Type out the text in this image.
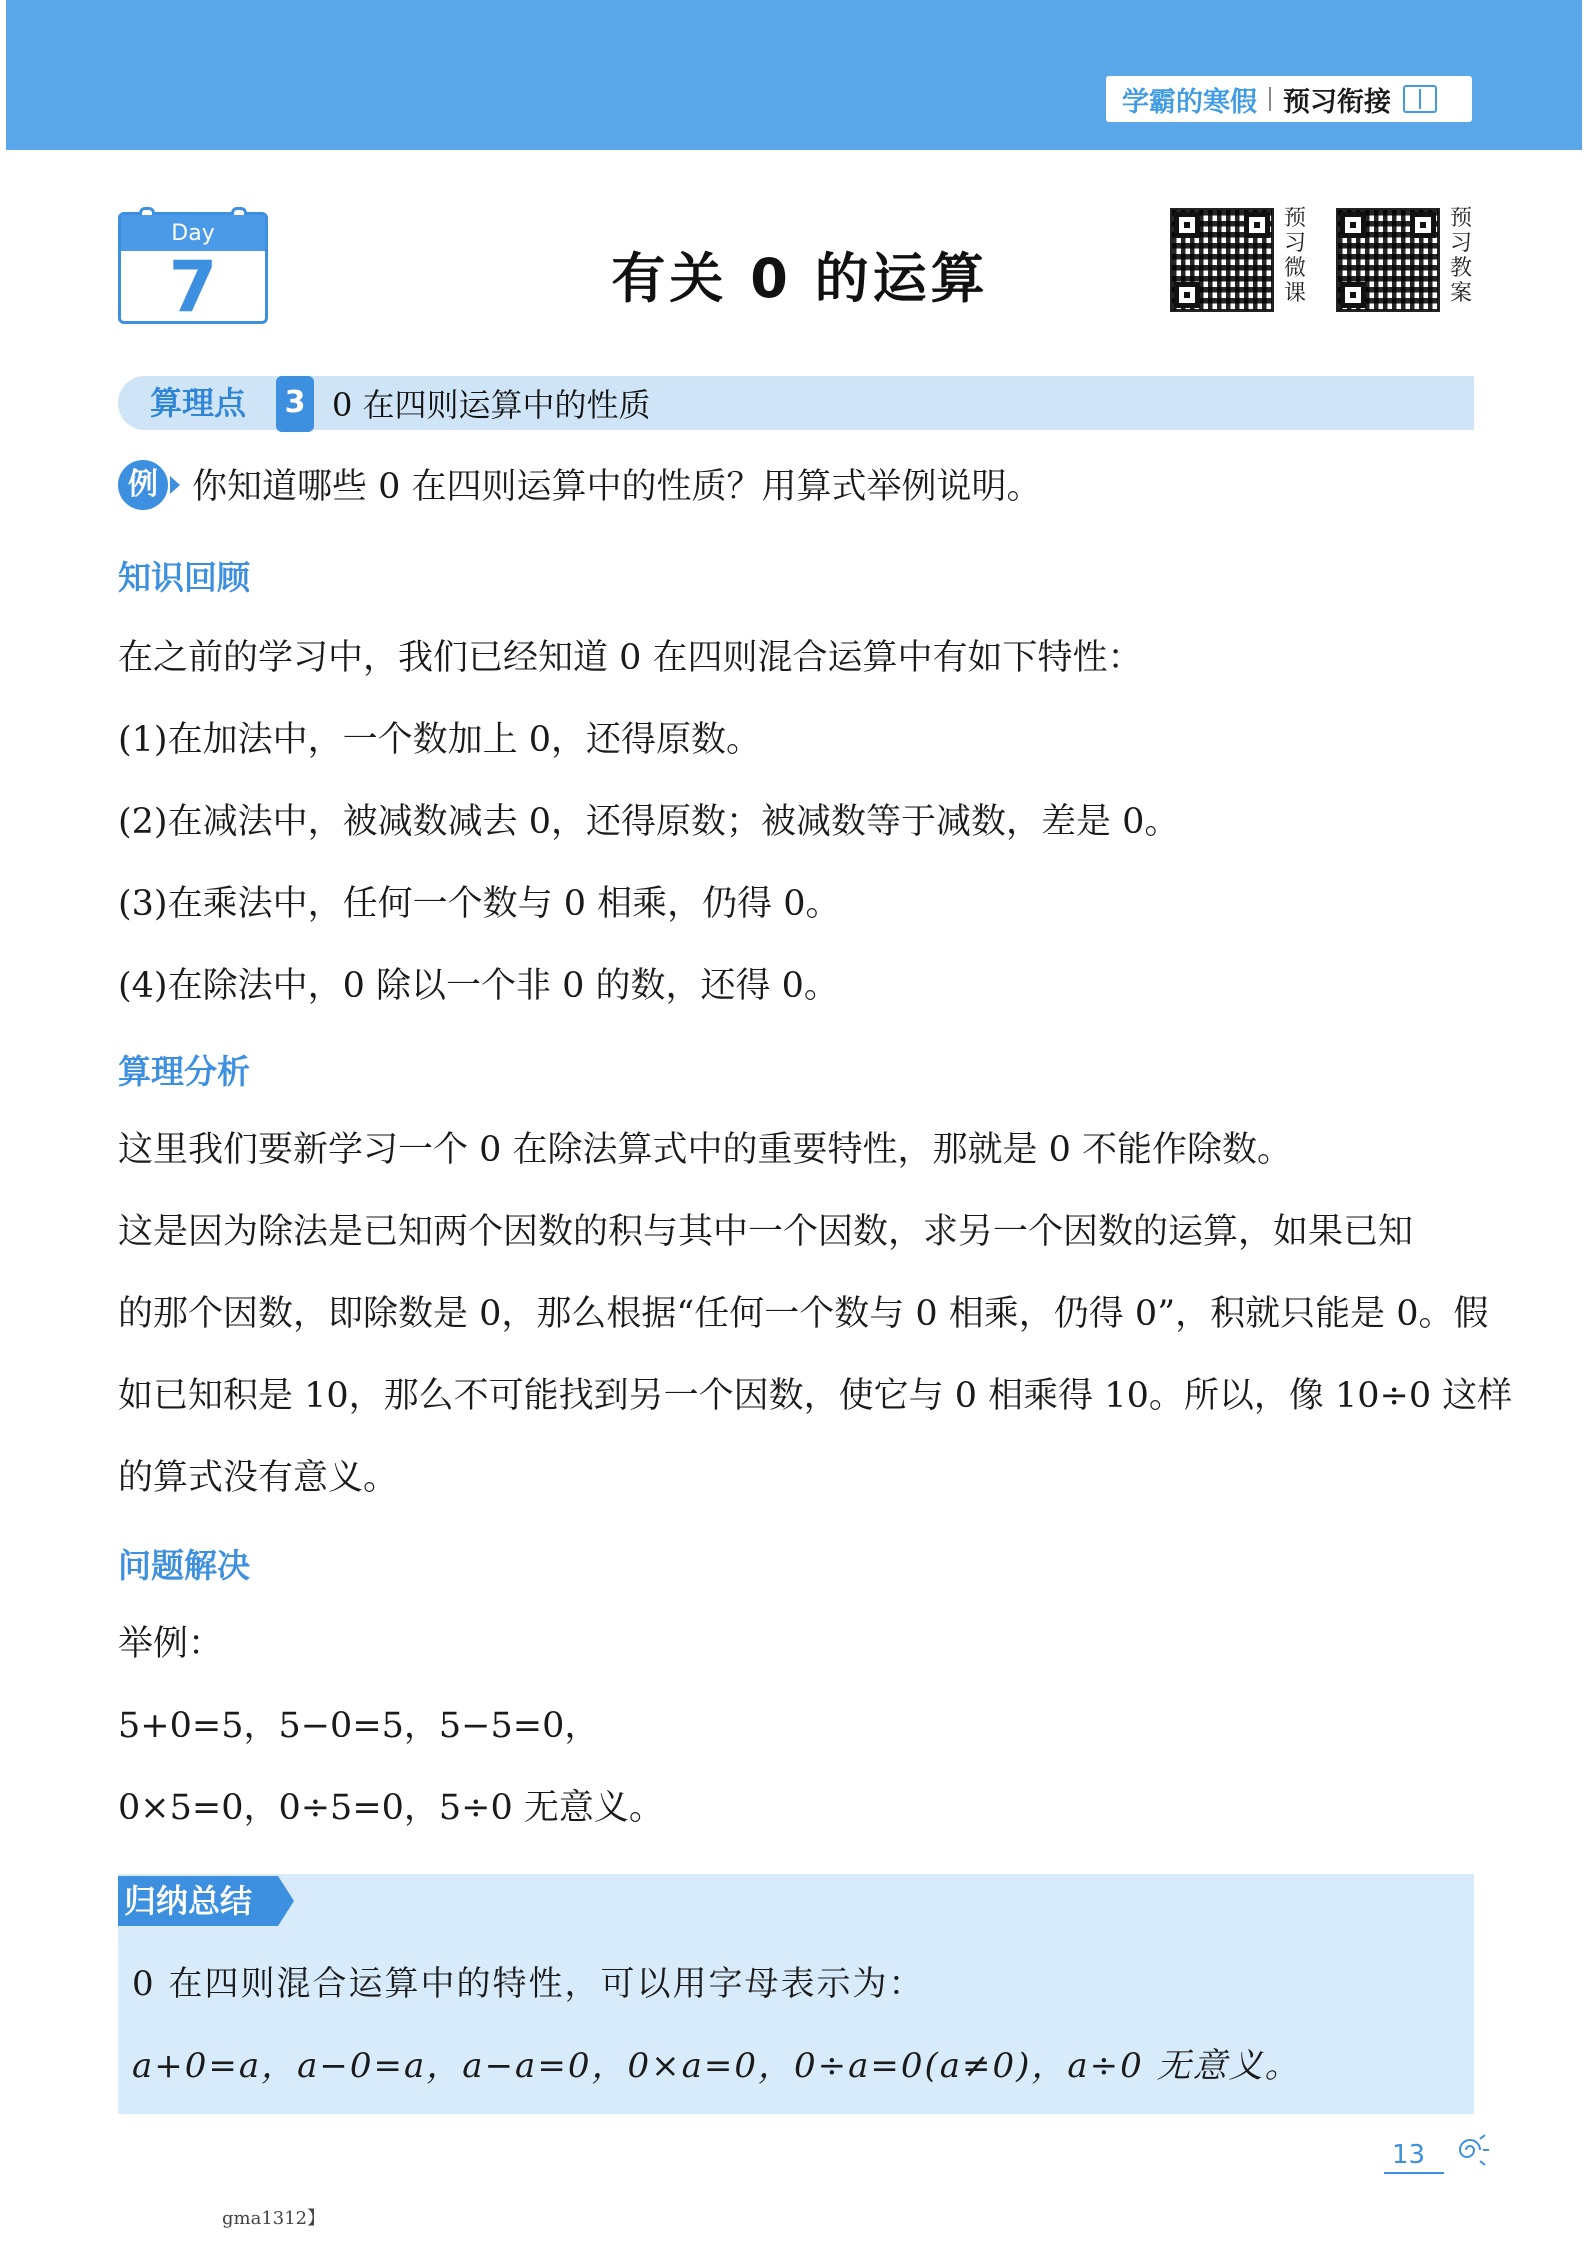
学霸的寒假 预习衔接
Day
7	有关 0 的运算
预
习
微
课
预
习
教
案
算理点	3 0 在四则运算中的性质
例 你知道哪些 0 在四则运算中的性质？用算式举例说明。
知识回顾
在之前的学习中，我们已经知道 0 在四则混合运算中有如下特性：
(1)在加法中，一个数加上 0，还得原数。
(2)在减法中，被减数减去 0，还得原数；被减数等于减数，差是 0。
(3)在乘法中，任何一个数与 0 相乘，仍得 0。
(4)在除法中，0 除以一个非 0 的数，还得 0。
算理分析
这里我们要新学习一个 0 在除法算式中的重要特性，那就是 0 不能作除数。
这是因为除法是已知两个因数的积与其中一个因数，求另一个因数的运算，如果已知
的那个因数，即除数是 0，那么根据“任何一个数与 0 相乘，仍得 0”，积就只能是 0。假
如已知积是 10，那么不可能找到另一个因数，使它与 0 相乘得 10。所以，像 10÷0 这样
的算式没有意义。
问题解决
举例：
5+0=5，5−0=5，5−5=0，
0×5=0，0÷5=0，5÷0 无意义。
归纳总结
0 在四则混合运算中的特性，可以用字母表示为：
a+0=a，a−0=a，a−a=0，0×a=0，0÷a=0(a≠0)，a÷0 无意义。
13
gma1312】
